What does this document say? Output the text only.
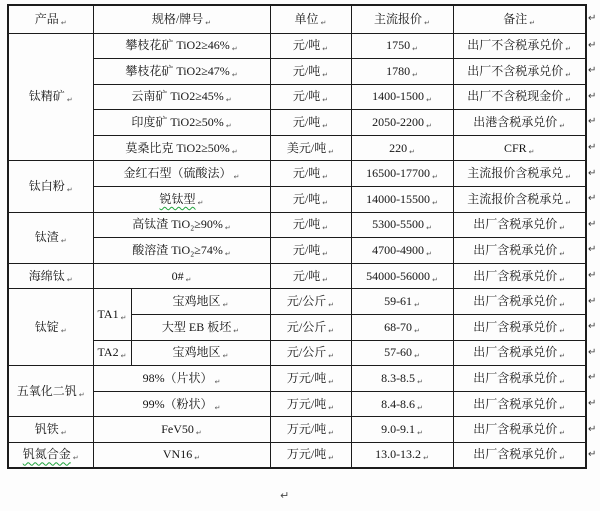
产品 ↵	规格/牌号 ↵		单位 ↵	主流报价 ↵	备注 ↵
钛精矿 ↵	攀枝花矿 TiO2≥46% ↵		元/吨 ↵	1750 ↵	出厂不含税承兑价 ↵
	攀枝花矿 TiO2≥47% ↵		元/吨 ↵	1780 ↵	出厂不含税承兑价 ↵
	云南矿 TiO2≥45% ↵		元/吨 ↵	1400-1500 ↵	出厂不含税现金价 ↵
	印度矿 TiO2≥50% ↵		元/吨 ↵	2050-2200 ↵	出港含税承兑价 ↵
	莫桑比克 TiO2≥50% ↵		美元/吨 ↵	220 ↵	CFR ↵
钛白粉 ↵	金红石型（硫酸法） ↵		元/吨 ↵	16500-17700 ↵	主流报价含税承兑 ↵
	锐钛型 ↵		元/吨 ↵	14000-15500 ↵	主流报价含税承兑 ↵
钛渣 ↵	高钛渣 TiO₂≥90% ↵		元/吨 ↵	5300-5500 ↵	出厂含税承兑价 ↵
	酸溶渣 TiO₂≥74% ↵		元/吨 ↵	4700-4900 ↵	出厂含税承兑价 ↵
海绵钛 ↵	0# ↵		元/吨 ↵	54000-56000 ↵	出厂含税承兑价 ↵
钛锭 ↵	TA1 ↵	宝鸡地区 ↵	元/公斤 ↵	59-61 ↵	出厂含税承兑价 ↵
		大型 EB 板坯 ↵	元/公斤 ↵	68-70 ↵	出厂含税承兑价 ↵
	TA2 ↵	宝鸡地区 ↵	元/公斤 ↵	57-60 ↵	出厂含税承兑价 ↵
五氧化二钒 ↵	98%（片状） ↵		万元/吨 ↵	8.3-8.5 ↵	出厂含税承兑价 ↵
	99%（粉状） ↵		万元/吨 ↵	8.4-8.6 ↵	出厂含税承兑价 ↵
钒铁 ↵	FeV50 ↵		万元/吨 ↵	9.0-9.1 ↵	出厂含税承兑价 ↵
钒氮合金 ↵	VN16 ↵		万元/吨 ↵	13.0-13.2 ↵	出厂含税承兑价 ↵
↵
↵
↵
↵
↵
↵
↵
↵
↵
↵
↵
↵
↵
↵
↵
↵
↵
↵
↵
